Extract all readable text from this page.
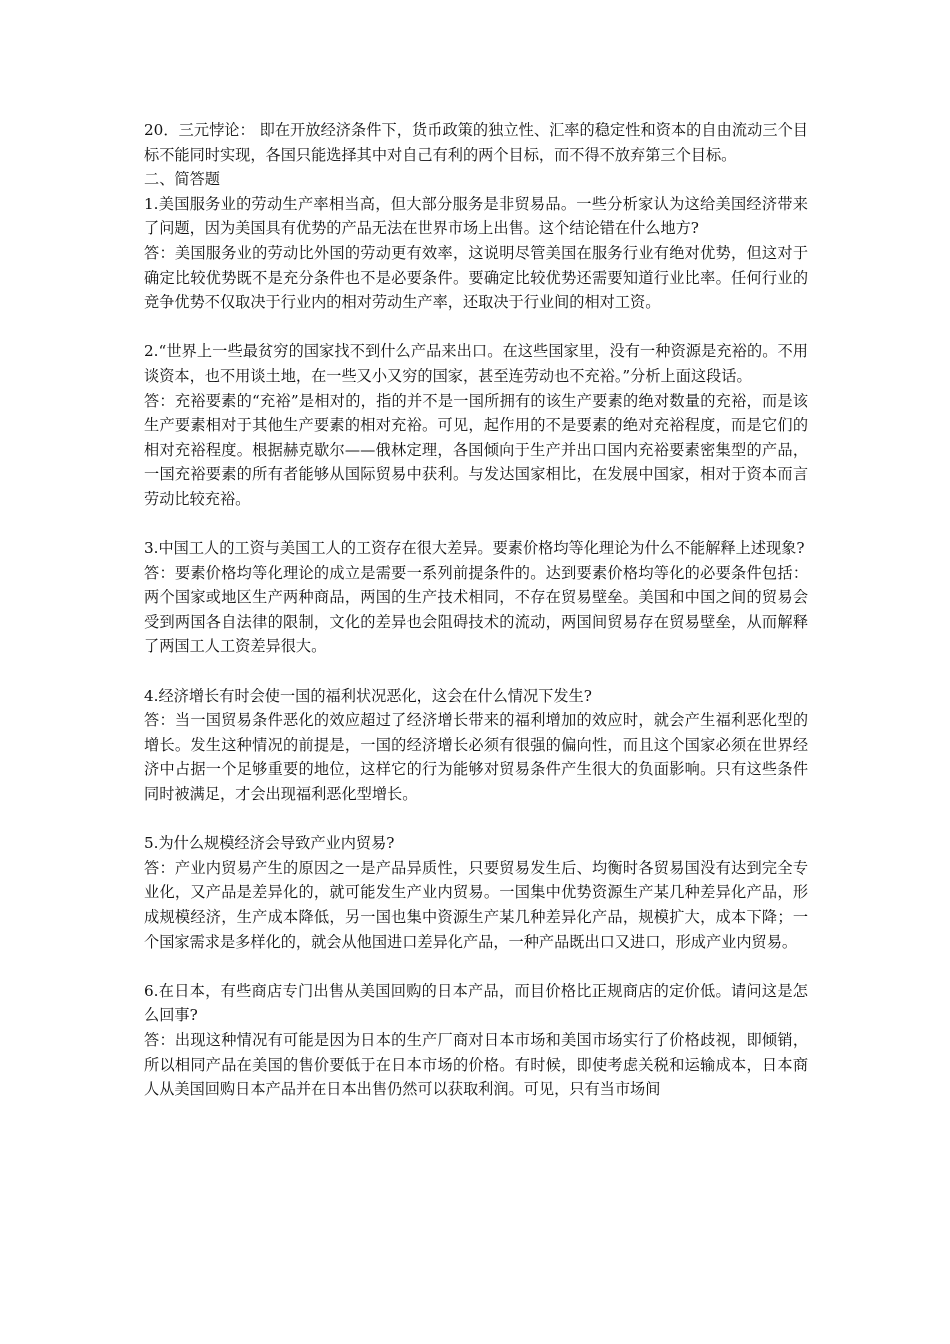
20．三元悖论： 即在开放经济条件下，货币政策的独立性、汇率的稳定性和资本的自由流动三个目标不能同时实现，各国只能选择其中对自己有利的两个目标，而不得不放弃第三个目标。

二、简答题

1.美国服务业的劳动生产率相当高，但大部分服务是非贸易品。一些分析家认为这给美国经济带来了问题，因为美国具有优势的产品无法在世界市场上出售。这个结论错在什么地方?

答：美国服务业的劳动比外国的劳动更有效率，这说明尽管美国在服务行业有绝对优势，但这对于确定比较优势既不是充分条件也不是必要条件。要确定比较优势还需要知道行业比率。任何行业的竞争优势不仅取决于行业内的相对劳动生产率，还取决于行业间的相对工资。

2.“世界上一些最贫穷的国家找不到什么产品来出口。在这些国家里，没有一种资源是充裕的。不用谈资本，也不用谈土地，在一些又小又穷的国家，甚至连劳动也不充裕。”分析上面这段话。

答：充裕要素的“充裕”是相对的，指的并不是一国所拥有的该生产要素的绝对数量的充裕，而是该生产要素相对于其他生产要素的相对充裕。可见，起作用的不是要素的绝对充裕程度，而是它们的相对充裕程度。根据赫克歇尔——俄林定理，各国倾向于生产并出口国内充裕要素密集型的产品，一国充裕要素的所有者能够从国际贸易中获利。与发达国家相比，在发展中国家，相对于资本而言劳动比较充裕。

3.中国工人的工资与美国工人的工资存在很大差异。要素价格均等化理论为什么不能解释上述现象?

答：要素价格均等化理论的成立是需要一系列前提条件的。达到要素价格均等化的必要条件包括：两个国家或地区生产两种商品，两国的生产技术相同，不存在贸易壁垒。美国和中国之间的贸易会受到两国各自法律的限制，文化的差异也会阻碍技术的流动，两国间贸易存在贸易壁垒，从而解释了两国工人工资差异很大。

4.经济增长有时会使一国的福利状况恶化，这会在什么情况下发生?

答：当一国贸易条件恶化的效应超过了经济增长带来的福利增加的效应时，就会产生福利恶化型的增长。发生这种情况的前提是，一国的经济增长必须有很强的偏向性，而且这个国家必须在世界经济中占据一个足够重要的地位，这样它的行为能够对贸易条件产生很大的负面影响。只有这些条件同时被满足，才会出现福利恶化型增长。

5.为什么规模经济会导致产业内贸易?

答：产业内贸易产生的原因之一是产品异质性，只要贸易发生后、均衡时各贸易国没有达到完全专业化，又产品是差异化的，就可能发生产业内贸易。一国集中优势资源生产某几种差异化产品，形成规模经济，生产成本降低，另一国也集中资源生产某几种差异化产品，规模扩大，成本下降；一个国家需求是多样化的，就会从他国进口差异化产品，一种产品既出口又进口，形成产业内贸易。

6.在日本，有些商店专门出售从美国回购的日本产品，而目价格比正规商店的定价低。请问这是怎么回事?

答：出现这种情况有可能是因为日本的生产厂商对日本市场和美国市场实行了价格歧视，即倾销，所以相同产品在美国的售价要低于在日本市场的价格。有时候，即使考虑关税和运输成本，日本商人从美国回购日本产品并在日本出售仍然可以获取利润。可见，只有当市场间
